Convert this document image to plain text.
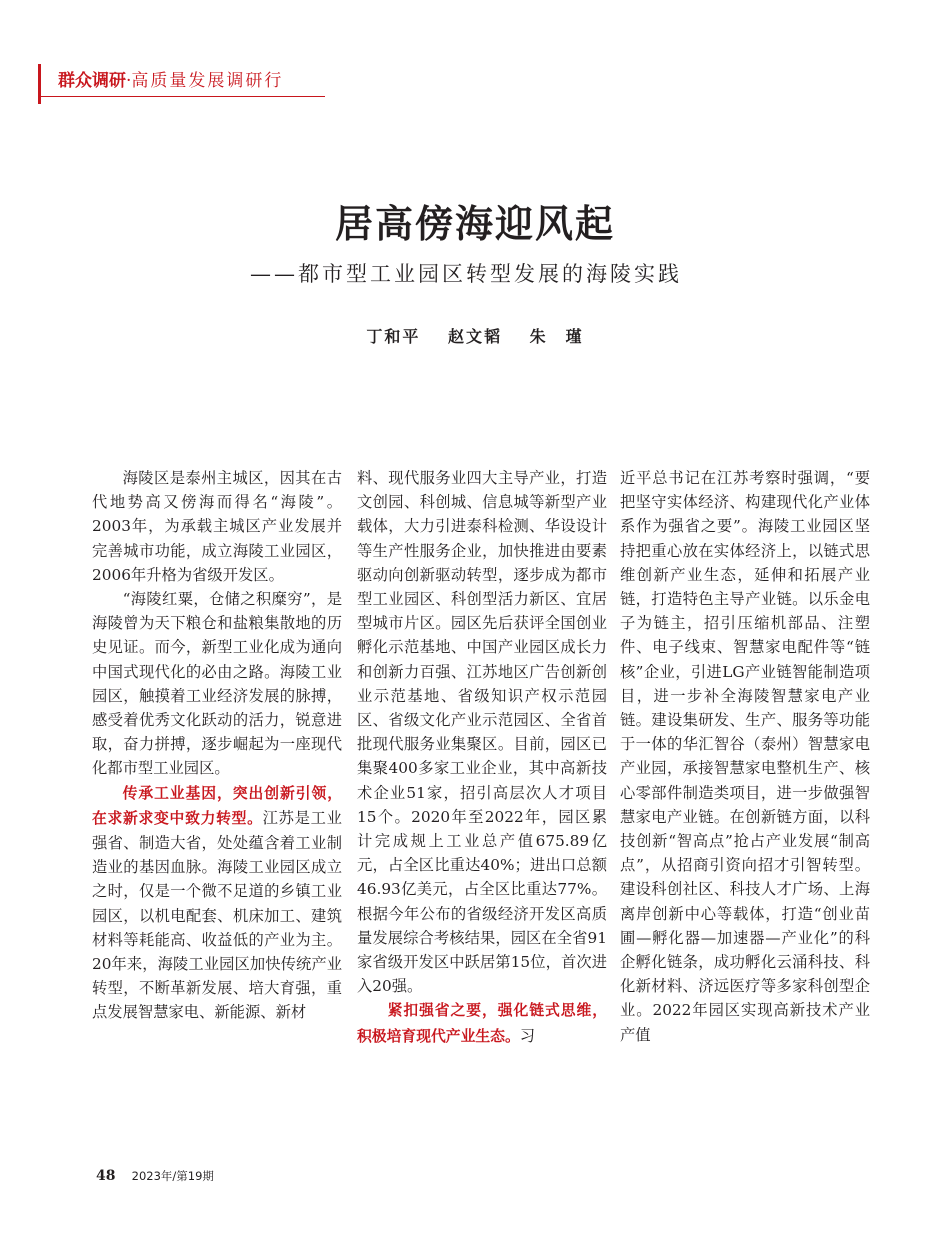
群众调研·高质量发展调研行
居高傍海迎风起
——都市型工业园区转型发展的海陵实践
丁和平 赵文韬 朱　瑾

海陵区是泰州主城区，因其在古代地势高又傍海而得名“海陵”。2003年，为承载主城区产业发展并完善城市功能，成立海陵工业园区，2006年升格为省级开发区。

“海陵红粟，仓储之积糜穷”，是海陵曾为天下粮仓和盐粮集散地的历史见证。而今，新型工业化成为通向中国式现代化的必由之路。海陵工业园区，触摸着工业经济发展的脉搏，感受着优秀文化跃动的活力，锐意进取，奋力拼搏，逐步崛起为一座现代化都市型工业园区。

传承工业基因，突出创新引领，在求新求变中致力转型。江苏是工业强省、制造大省，处处蕴含着工业制造业的基因血脉。海陵工业园区成立之时，仅是一个微不足道的乡镇工业园区，以机电配套、机床加工、建筑材料等耗能高、收益低的产业为主。20年来，海陵工业园区加快传统产业转型，不断革新发展、培大育强，重点发展智慧家电、新能源、新材

料、现代服务业四大主导产业，打造文创园、科创城、信息城等新型产业载体，大力引进泰科检测、华设设计等生产性服务企业，加快推进由要素驱动向创新驱动转型，逐步成为都市型工业园区、科创型活力新区、宜居型城市片区。园区先后获评全国创业孵化示范基地、中国产业园区成长力和创新力百强、江苏地区广告创新创业示范基地、省级知识产权示范园区、省级文化产业示范园区、全省首批现代服务业集聚区。目前，园区已集聚400多家工业企业，其中高新技术企业51家，招引高层次人才项目15个。2020年至2022年，园区累计完成规上工业总产值675.89亿元，占全区比重达40%；进出口总额46.93亿美元，占全区比重达77%。根据今年公布的省级经济开发区高质量发展综合考核结果，园区在全省91家省级开发区中跃居第15位，首次进入20强。

紧扣强省之要，强化链式思维，积极培育现代产业生态。习

近平总书记在江苏考察时强调，“要把坚守实体经济、构建现代化产业体系作为强省之要”。海陵工业园区坚持把重心放在实体经济上，以链式思维创新产业生态，延伸和拓展产业链，打造特色主导产业链。以乐金电子为链主，招引压缩机部品、注塑件、电子线束、智慧家电配件等“链核”企业，引进LG产业链智能制造项目，进一步补全海陵智慧家电产业链。建设集研发、生产、服务等功能于一体的华汇智谷（泰州）智慧家电产业园，承接智慧家电整机生产、核心零部件制造类项目，进一步做强智慧家电产业链。在创新链方面，以科技创新“智高点”抢占产业发展“制高点”，从招商引资向招才引智转型。建设科创社区、科技人才广场、上海离岸创新中心等载体，打造“创业苗圃—孵化器—加速器—产业化”的科企孵化链条，成功孵化云涌科技、科化新材料、济远医疗等多家科创型企业。2022年园区实现高新技术产业产值

48 2023年/第19期
